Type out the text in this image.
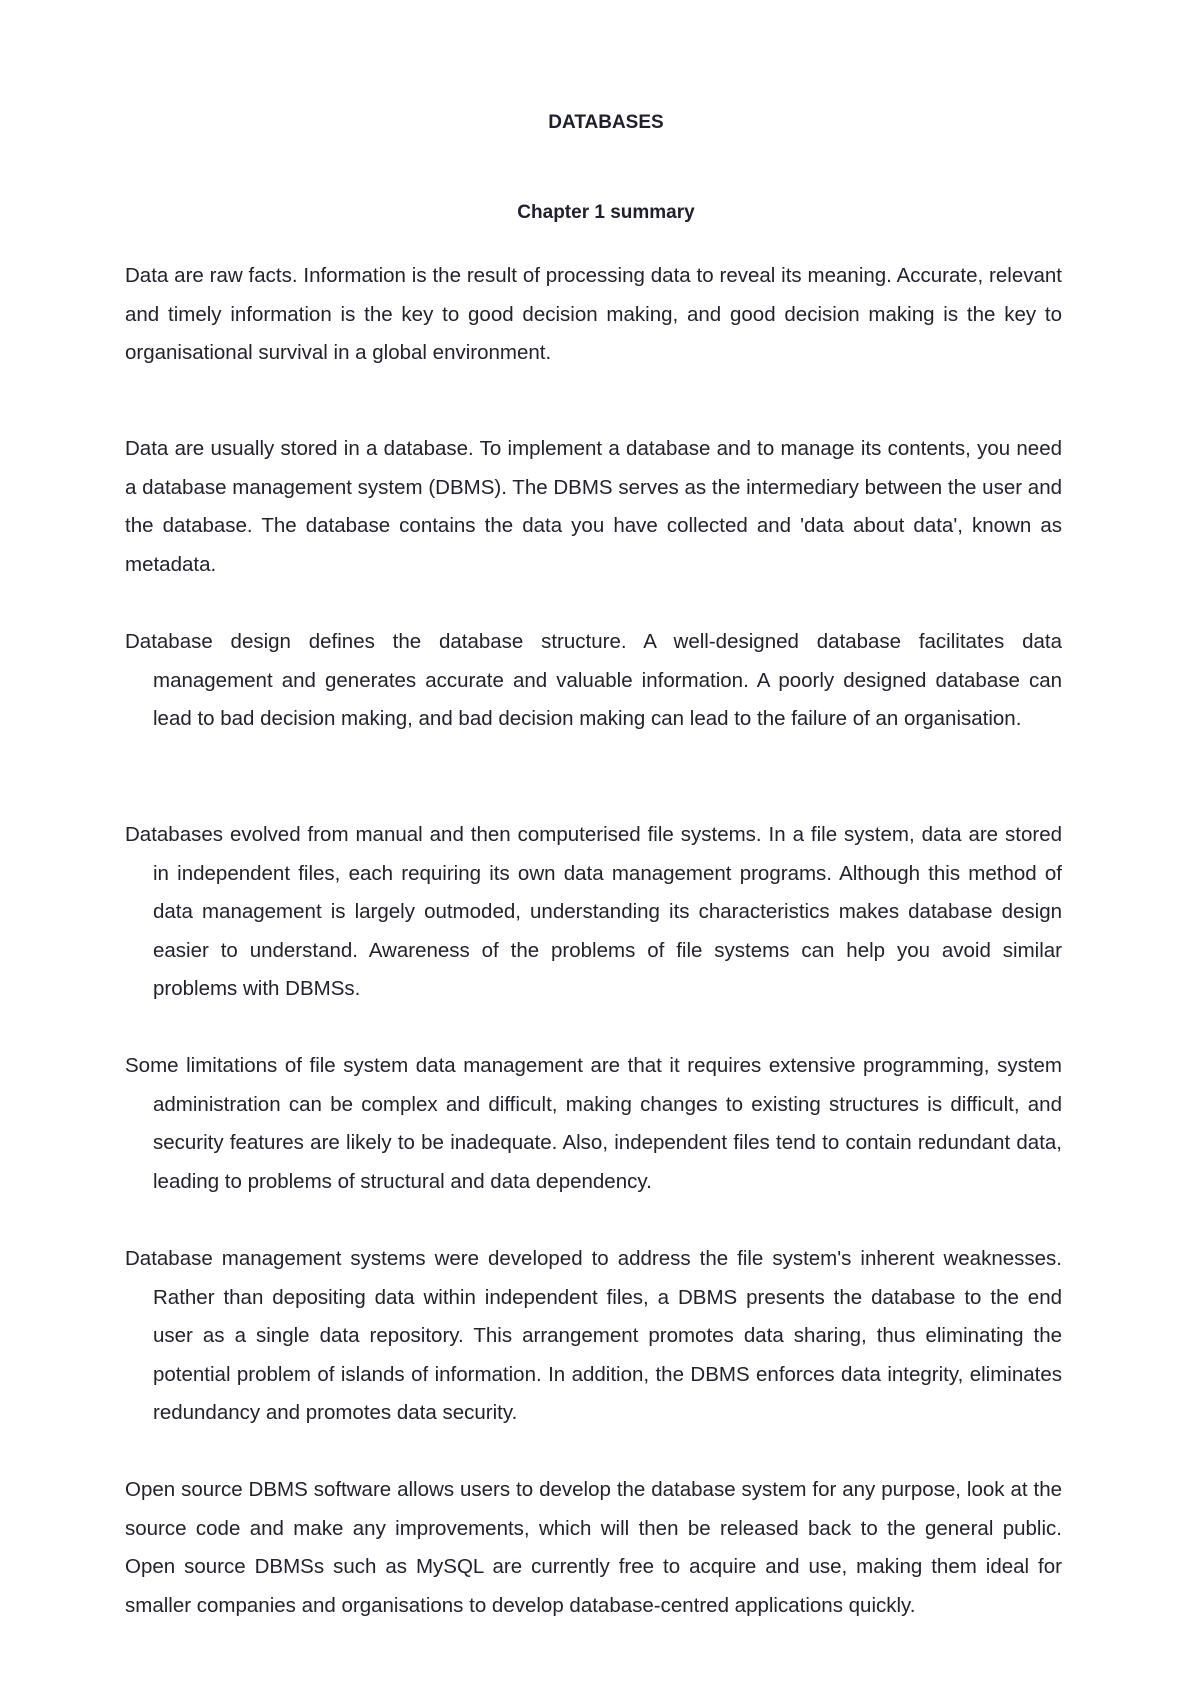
DATABASES
Chapter 1 summary

Data are raw facts. Information is the result of processing data to reveal its meaning. Accurate, relevant and timely information is the key to good decision making, and good decision making is the key to organisational survival in a global environment.

Data are usually stored in a database. To implement a database and to manage its contents, you need a database management system (DBMS). The DBMS serves as the intermediary between the user and the database. The database contains the data you have collected and 'data about data', known as metadata.

Database design defines the database structure. A well-designed database facilitates data management and generates accurate and valuable information. A poorly designed database can lead to bad decision making, and bad decision making can lead to the failure of an organisation.

Databases evolved from manual and then computerised file systems. In a file system, data are stored in independent files, each requiring its own data management programs. Although this method of data management is largely outmoded, understanding its characteristics makes database design easier to understand. Awareness of the problems of file systems can help you avoid similar problems with DBMSs.

Some limitations of file system data management are that it requires extensive programming, system administration can be complex and difficult, making changes to existing structures is difficult, and security features are likely to be inadequate. Also, independent files tend to contain redundant data, leading to problems of structural and data dependency.

Database management systems were developed to address the file system's inherent weaknesses. Rather than depositing data within independent files, a DBMS presents the database to the end user as a single data repository. This arrangement promotes data sharing, thus eliminating the potential problem of islands of information. In addition, the DBMS enforces data integrity, eliminates redundancy and promotes data security.

Open source DBMS software allows users to develop the database system for any purpose, look at the source code and make any improvements, which will then be released back to the general public. Open source DBMSs such as MySQL are currently free to acquire and use, making them ideal for smaller companies and organisations to develop database-centred applications quickly.
